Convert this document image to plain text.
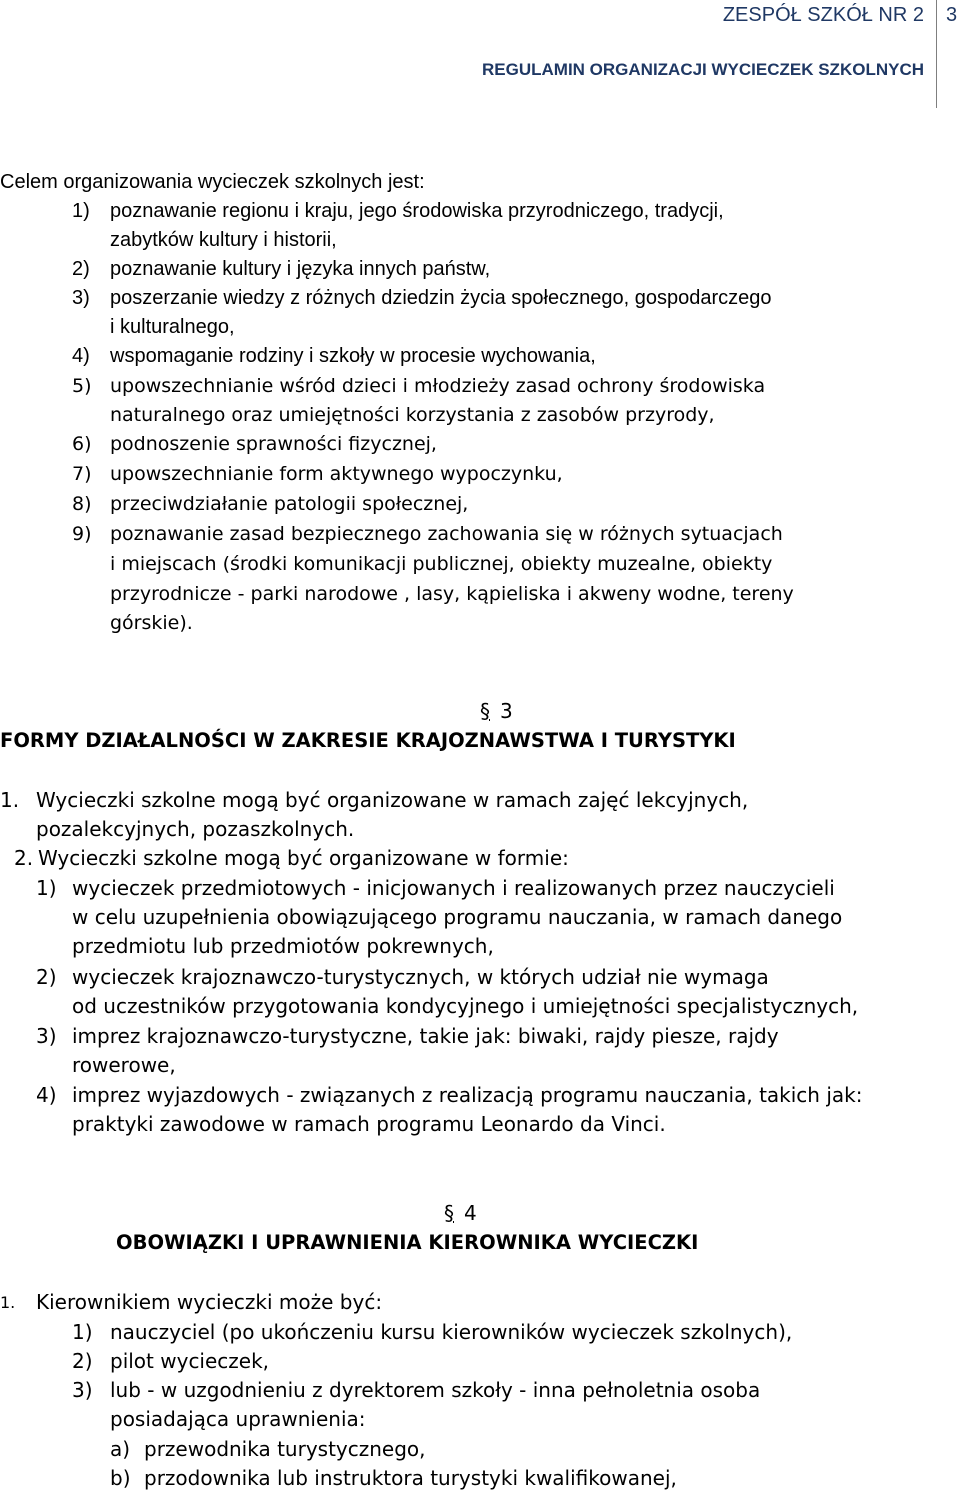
ZESPÓŁ SZKÓŁ NR 2 3
REGULAMIN ORGANIZACJI WYCIECZEK SZKOLNYCH
Celem organizowania wycieczek szkolnych jest:
1) poznawanie regionu i kraju, jego środowiska przyrodniczego, tradycji,
zabytków kultury i historii,
2) poznawanie kultury i języka innych państw,
3) poszerzanie wiedzy z różnych dziedzin życia społecznego, gospodarczego
i kulturalnego,
4) wspomaganie rodziny i szkoły w procesie wychowania,
5) upowszechnianie wśród dzieci i młodzieży zasad ochrony środowiska
naturalnego oraz umiejętności korzystania z zasobów przyrody,
6) podnoszenie sprawności fizycznej,
7) upowszechnianie form aktywnego wypoczynku,
8) przeciwdziałanie patologii społecznej,
9) poznawanie zasad bezpiecznego zachowania się w różnych sytuacjach
i miejscach (środki komunikacji publicznej, obiekty muzealne, obiekty
przyrodnicze - parki narodowe , lasy, kąpieliska i akweny wodne, tereny
górskie).
§ 3
FORMY DZIAŁALNOŚCI W ZAKRESIE KRAJOZNAWSTWA I TURYSTYKI
1. Wycieczki szkolne mogą być organizowane w ramach zajęć lekcyjnych,
pozalekcyjnych, pozaszkolnych.
2. Wycieczki szkolne mogą być organizowane w formie:
1) wycieczek przedmiotowych - inicjowanych i realizowanych przez nauczycieli
w celu uzupełnienia obowiązującego programu nauczania, w ramach danego
przedmiotu lub przedmiotów pokrewnych,
2) wycieczek krajoznawczo-turystycznych, w których udział nie wymaga
od uczestników przygotowania kondycyjnego i umiejętności specjalistycznych,
3) imprez krajoznawczo-turystyczne, takie jak: biwaki, rajdy piesze, rajdy
rowerowe,
4) imprez wyjazdowych - związanych z realizacją programu nauczania, takich jak:
praktyki zawodowe w ramach programu Leonardo da Vinci.
§ 4
OBOWIĄZKI I UPRAWNIENIA KIEROWNIKA WYCIECZKI
1. Kierownikiem wycieczki może być:
1) nauczyciel (po ukończeniu kursu kierowników wycieczek szkolnych),
2) pilot wycieczek,
3) lub - w uzgodnieniu z dyrektorem szkoły - inna pełnoletnia osoba
posiadająca uprawnienia:
a) przewodnika turystycznego,
b) przodownika lub instruktora turystyki kwalifikowanej,
